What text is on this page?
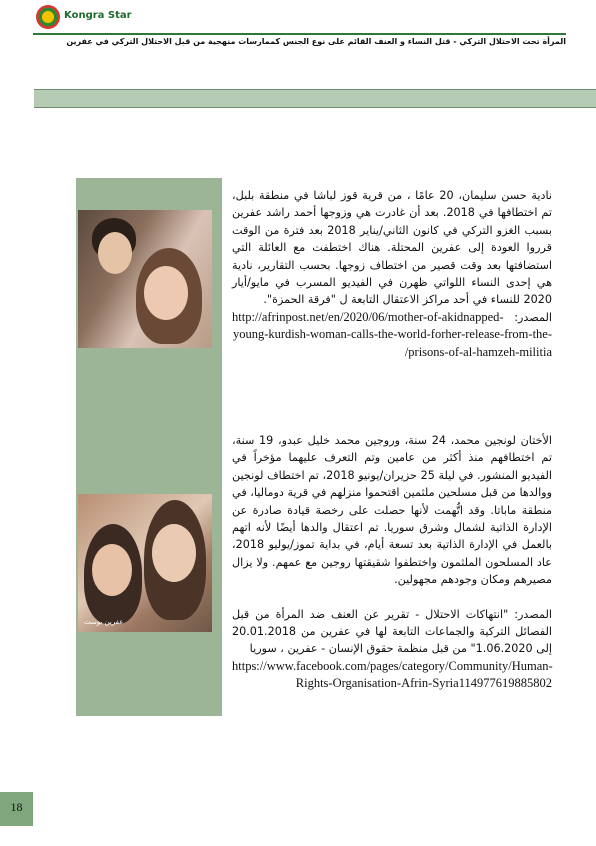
Kongra Star
المرأة تحت الاحتلال التركي - قتل النساء و العنف القائم على نوع الجنس كممارسات منهجية من قبل الاحتلال التركي في عفرين
عفرين بوست

نادية حسن سليمان، 20 عامًا ، من قرية قوز لباشا في منطقة بلبل، تم اختطافها في 2018. بعد أن غادرت هي وزوجها أحمد راشد عفرين بسبب الغزو التركي في كانون الثاني/يناير 2018 بعد فترة من الوقت قرروا العودة إلى عفرين المحتلة. هناك اختطفت مع العائلة التي استضافتها بعد وقت قصير من اختطاف زوجها. بحسب التقارير، نادية هي إحدى النساء اللواتي ظهرن في الفيديو المسرب في مايو/أيار 2020 للنساء في أحد مراكز الاعتقال التابعة ل "فرقة الحمزة".

المصدر: http://afrinpost.net/en/2020/06/mother-of-akidnapped-young-kurdish-woman-calls-the-world-forher-release-from-the-prisons-of-al-hamzeh-militia/

الأختان لونجين محمد، 24 سنة، وروجين محمد خليل عبدو، 19 سنة، تم اختطافهم منذ أكثر من عامين وتم التعرف عليهما مؤخراً في الفيديو المنشور. في ليلة 25 حزيران/يونيو 2018، تم اختطاف لونجين ووالدها من قبل مسلحين ملثمين اقتحموا منزلهم في قرية دوماليا، في منطقة ماباتا. وقد اتُّهمت لأنها حصلت على رخصة قيادة صادرة عن الإدارة الذاتية لشمال وشرق سوريا. تم اعتقال والدها أيضًا لأنه اتهم بالعمل في الإدارة الذاتية بعد تسعة أيام، في بداية تموز/يوليو 2018، عاد المسلحون الملثمون واختطفوا شقيقتها روجين مع عمهم. ولا يزال مصيرهم ومكان وجودهم مجهولين.

المصدر: "انتهاكات الاحتلال - تقرير عن العنف ضد المرأة من قبل الفصائل التركية والجماعات التابعة لها في عفرين من 20.01.2018 إلى 1.06.2020" من قبل منظمة حقوق الإنسان - عفرين ، سوريا

https://www.facebook.com/pages/category/Community/Human-Rights-Organisation-Afrin-Syria114977619885802

18
